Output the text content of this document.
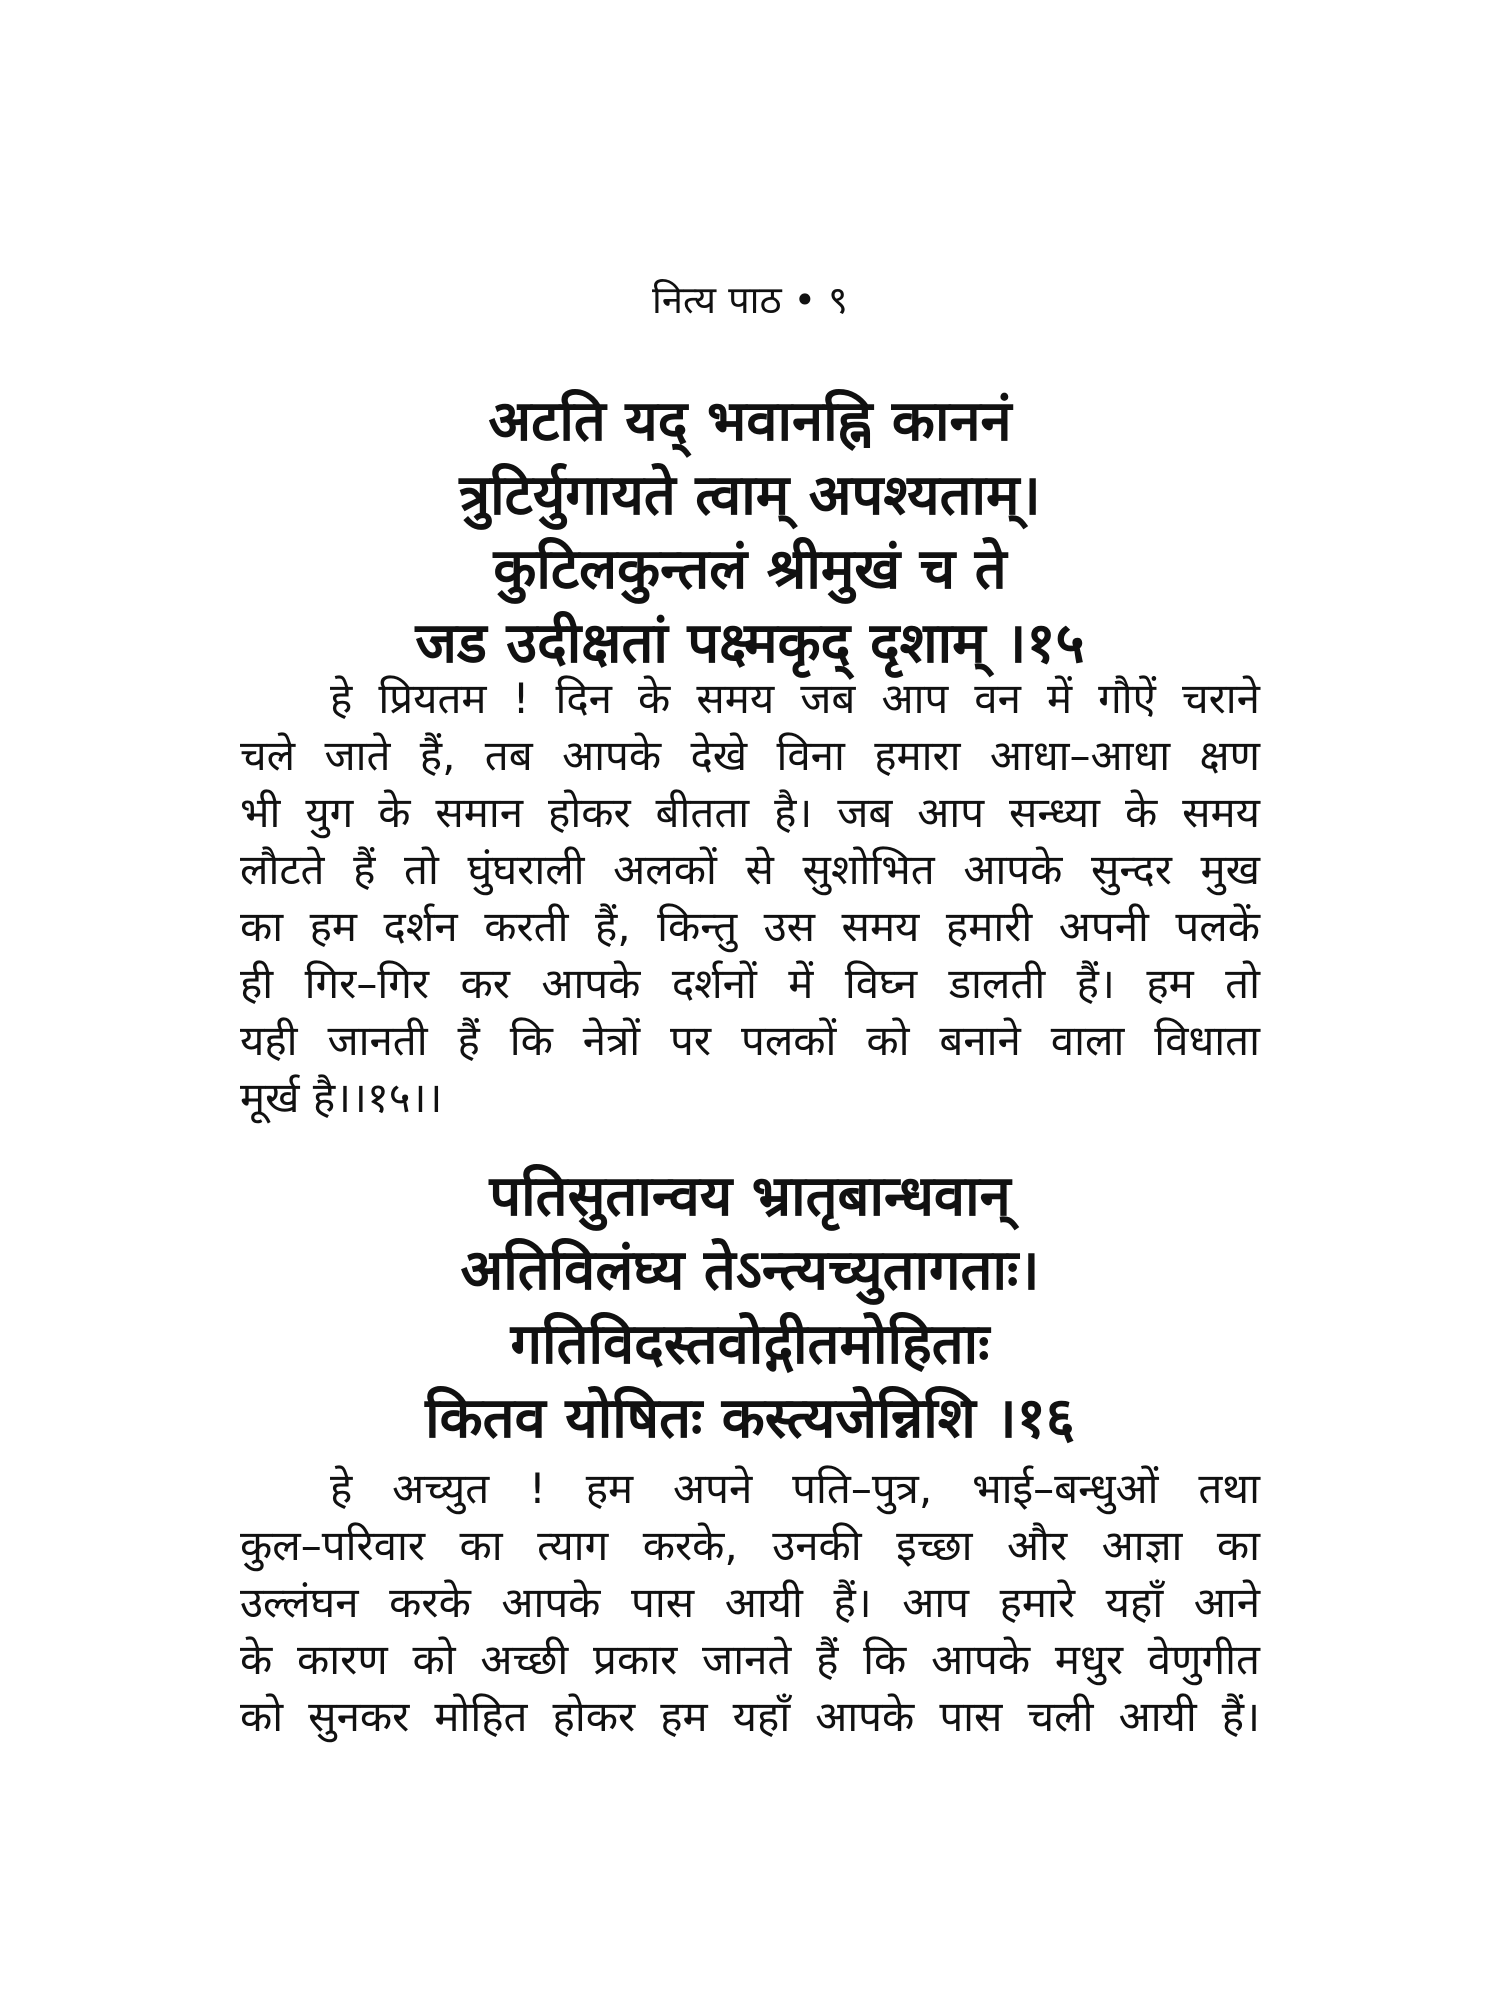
नित्य पाठ • ९
अटति यद् भवानह्नि काननं
त्रुटिर्युगायते त्वाम् अपश्यताम्।
कुटिलकुन्तलं श्रीमुखं च ते
जड उदीक्षतां पक्ष्मकृद् दृशाम् ।१५
हे प्रियतम ! दिन के समय जब आप वन में गौऐं चराने
चले जाते हैं, तब आपके देखे विना हमारा आधा–आधा क्षण
भी युग के समान होकर बीतता है। जब आप सन्ध्या के समय
लौटते हैं तो घुंघराली अलकों से सुशोभित आपके सुन्दर मुख
का हम दर्शन करती हैं, किन्तु उस समय हमारी अपनी पलकें
ही गिर–गिर कर आपके दर्शनों में विघ्न डालती हैं। हम तो
यही जानती हैं कि नेत्रों पर पलकों को बनाने वाला विधाता
मूर्ख है।।१५।।
पतिसुतान्वय भ्रातृबान्धवान्
अतिविलंघ्य तेऽन्त्यच्युतागताः।
गतिविदस्तवोद्गीतमोहिताः
कितव योषितः कस्त्यजेन्निशि ।१६
हे अच्युत ! हम अपने पति–पुत्र, भाई–बन्धुओं तथा
कुल–परिवार का त्याग करके, उनकी इच्छा और आज्ञा का
उल्लंघन करके आपके पास आयी हैं। आप हमारे यहाँ आने
के कारण को अच्छी प्रकार जानते हैं कि आपके मधुर वेणुगीत
को सुनकर मोहित होकर हम यहाँ आपके पास चली आयी हैं।
